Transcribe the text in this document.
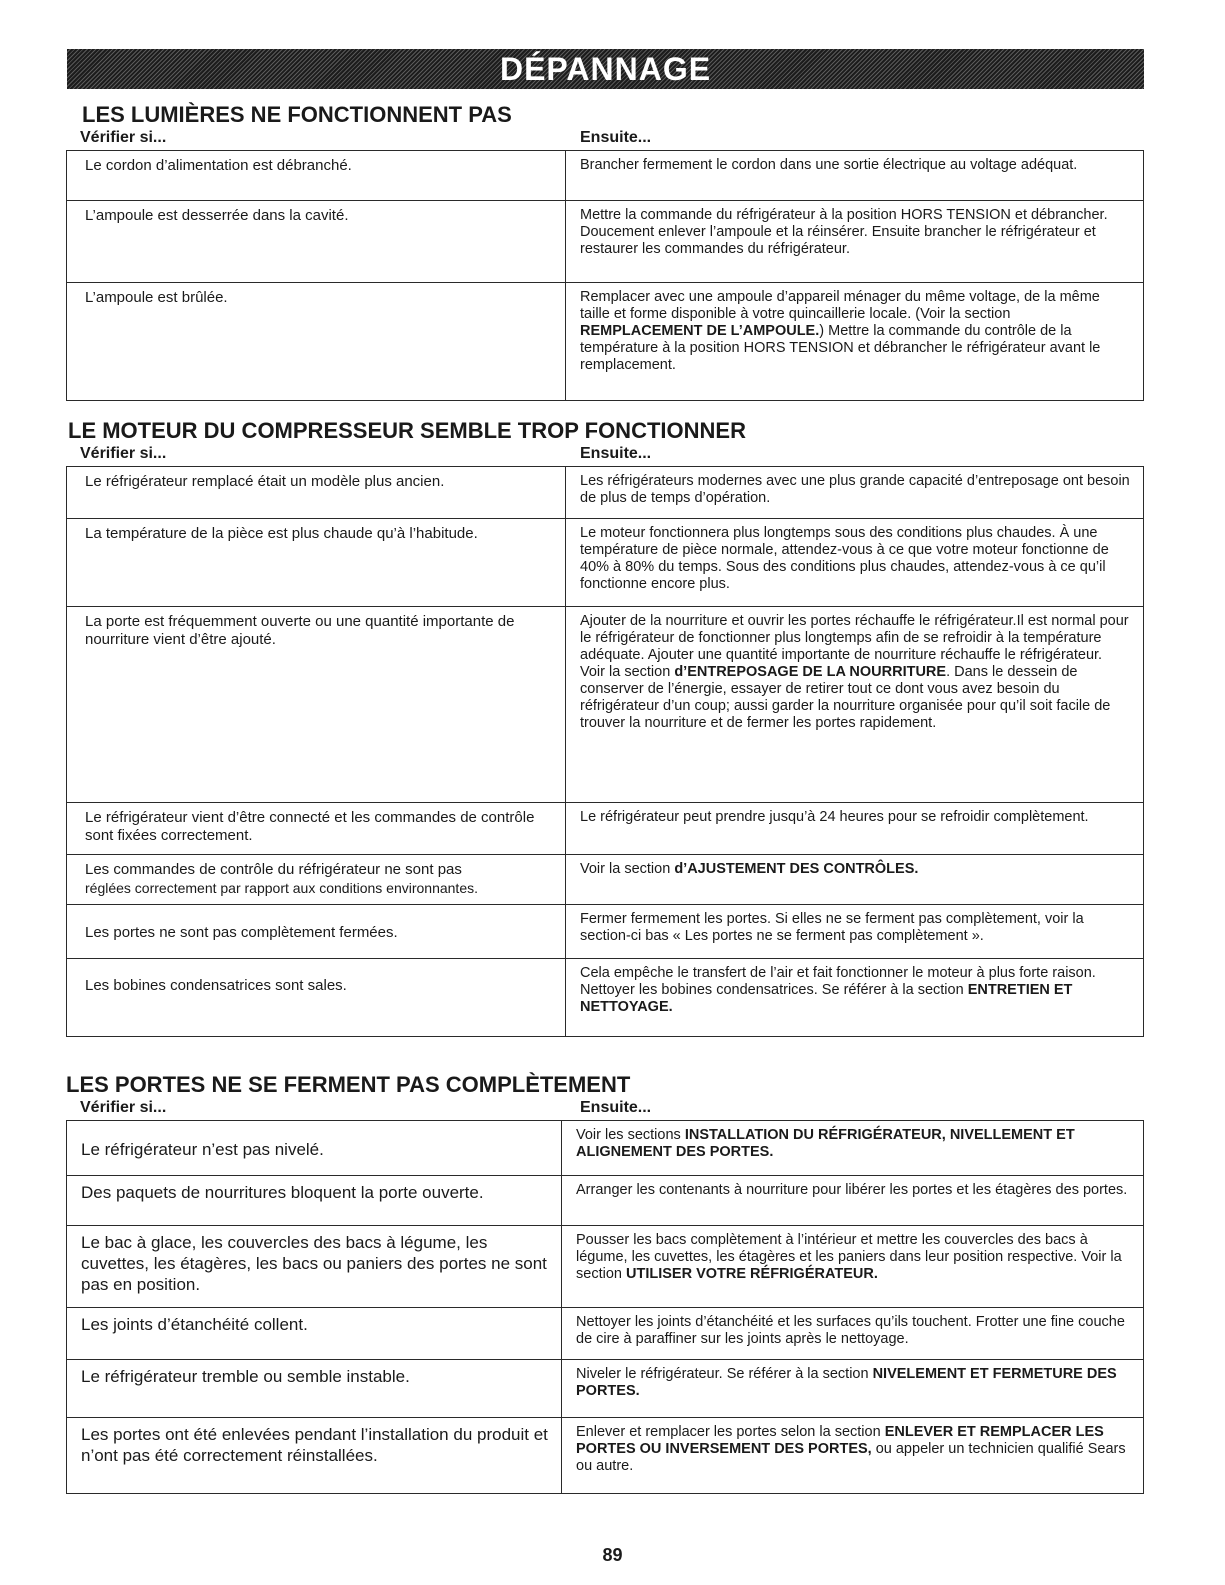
DÉPANNAGE
LES LUMIÈRES NE FONCTIONNENT PAS
Vérifier si...	Ensuite...
Le cordon d’alimentation est débranché.	Brancher fermement le cordon dans une sortie électrique au voltage adéquat.
L’ampoule est desserrée dans la cavité.	Mettre la commande du réfrigérateur à la position HORS TENSION et débrancher. Doucement enlever l’ampoule et la réinsérer. Ensuite brancher le réfrigérateur et restaurer les commandes du réfrigérateur.
L’ampoule est brûlée.	Remplacer avec une ampoule d’appareil ménager du même voltage, de la même taille et forme disponible à votre quincaillerie locale. (Voir la section REMPLACEMENT DE L’AMPOULE.) Mettre la commande du contrôle de la température à la position HORS TENSION et débrancher le réfrigérateur avant le remplacement.
LE MOTEUR DU COMPRESSEUR SEMBLE TROP FONCTIONNER
Vérifier si...	Ensuite...
Le réfrigérateur remplacé était un modèle plus ancien.	Les réfrigérateurs modernes avec une plus grande capacité d’entreposage ont besoin de plus de temps d’opération.
La température de la pièce est plus chaude qu’à l’habitude.	Le moteur fonctionnera plus longtemps sous des conditions plus chaudes. À une température de pièce normale, attendez-vous à ce que votre moteur fonctionne de 40% à 80% du temps. Sous des conditions plus chaudes, attendez-vous à ce qu’il fonctionne encore plus.
La porte est fréquemment ouverte ou une quantité importante de nourriture vient d’être ajouté.	Ajouter de la nourriture et ouvrir les portes réchauffe le réfrigérateur.Il est normal pour le réfrigérateur de fonctionner plus longtemps afin de se refroidir à la température adéquate. Ajouter une quantité importante de nourriture réchauffe le réfrigérateur. Voir la section d’ENTREPOSAGE DE LA NOURRITURE. Dans le dessein de conserver de l’énergie, essayer de retirer tout ce dont vous avez besoin du réfrigérateur d’un coup; aussi garder la nourriture organisée pour qu’il soit facile de trouver la nourriture et de fermer les portes rapidement.
Le réfrigérateur vient d’être connecté et les commandes de contrôle sont fixées correctement.	Le réfrigérateur peut prendre jusqu’à 24 heures pour se refroidir complètement.
Les commandes de contrôle du réfrigérateur ne sont pas
réglées correctement par rapport aux conditions environnantes.	Voir la section d’AJUSTEMENT DES CONTRÔLES.
Les portes ne sont pas complètement fermées.	Fermer fermement les portes. Si elles ne se ferment pas complètement, voir la section-ci bas « Les portes ne se ferment pas complètement ».
Les bobines condensatrices sont sales.	Cela empêche le transfert de l’air et fait fonctionner le moteur à plus forte raison. Nettoyer les bobines condensatrices. Se référer à la section ENTRETIEN ET NETTOYAGE.
LES PORTES NE SE FERMENT PAS COMPLÈTEMENT
Vérifier si...	Ensuite...
Le réfrigérateur n’est pas nivelé.	Voir les sections INSTALLATION DU RÉFRIGÉRATEUR, NIVELLEMENT ET ALIGNEMENT DES PORTES.
Des paquets de nourritures bloquent la porte ouverte.	Arranger les contenants à nourriture pour libérer les portes et les étagères des portes.
Le bac à glace, les couvercles des bacs à légume, les cuvettes, les étagères, les bacs ou paniers des portes ne sont pas en position.	Pousser les bacs complètement à l’intérieur et mettre les couvercles des bacs à légume, les cuvettes, les étagères et les paniers dans leur position respective. Voir la section UTILISER VOTRE RÉFRIGÉRATEUR.
Les joints d’étanchéité collent.	Nettoyer les joints d’étanchéité et les surfaces qu’ils touchent. Frotter une fine couche de cire à paraffiner sur les joints après le nettoyage.
Le réfrigérateur tremble ou semble instable.	Niveler le réfrigérateur. Se référer à la section NIVELEMENT ET FERMETURE DES PORTES.
Les portes ont été enlevées pendant l’installation du produit et n’ont pas été correctement réinstallées.	Enlever et remplacer les portes selon la section ENLEVER ET REMPLACER LES PORTES OU INVERSEMENT DES PORTES, ou appeler un technicien qualifié Sears ou autre.
89
